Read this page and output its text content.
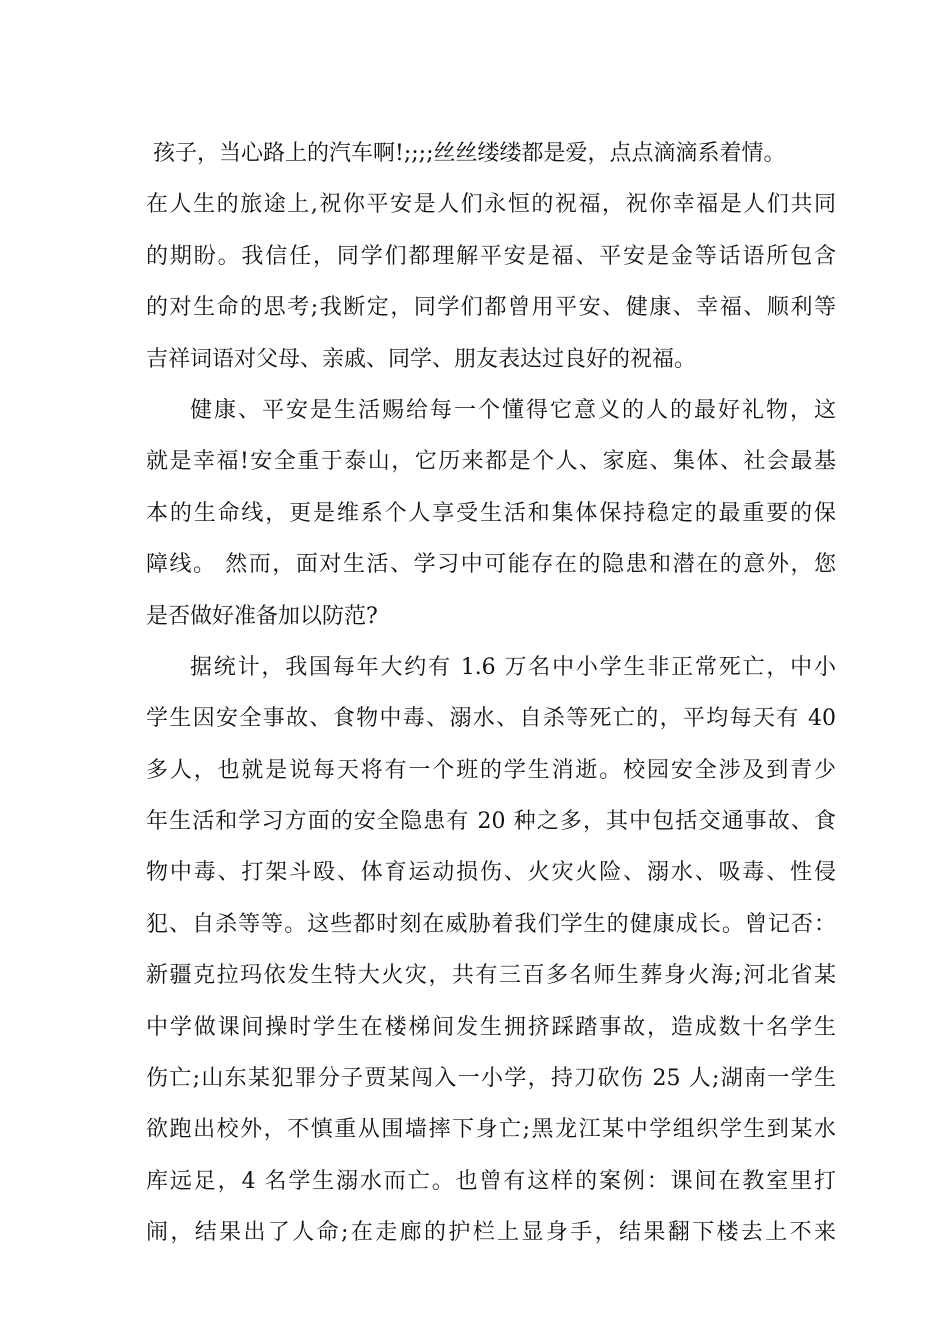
孩子，当心路上的汽车啊!;;;;丝丝缕缕都是爱，点点滴滴系着情。
在人生的旅途上,祝你平安是人们永恒的祝福，祝你幸福是人们共同
的期盼。我信任，同学们都理解平安是福、平安是金等话语所包含
的对生命的思考;我断定，同学们都曾用平安、健康、幸福、顺利等
吉祥词语对父母、亲戚、同学、朋友表达过良好的祝福。
健康、平安是生活赐给每一个懂得它意义的人的最好礼物，这
就是幸福!安全重于泰山，它历来都是个人、家庭、集体、社会最基
本的生命线，更是维系个人享受生活和集体保持稳定的最重要的保
障线。 然而，面对生活、学习中可能存在的隐患和潜在的意外，您
是否做好准备加以防范?
据统计，我国每年大约有 1.6 万名中小学生非正常死亡，中小
学生因安全事故、食物中毒、溺水、自杀等死亡的，平均每天有 40
多人，也就是说每天将有一个班的学生消逝。校园安全涉及到青少
年生活和学习方面的安全隐患有 20 种之多，其中包括交通事故、食
物中毒、打架斗殴、体育运动损伤、火灾火险、溺水、吸毒、性侵
犯、自杀等等。这些都时刻在威胁着我们学生的健康成长。曾记否：
新疆克拉玛依发生特大火灾，共有三百多名师生葬身火海;河北省某
中学做课间操时学生在楼梯间发生拥挤踩踏事故，造成数十名学生
伤亡;山东某犯罪分子贾某闯入一小学，持刀砍伤 25 人;湖南一学生
欲跑出校外，不慎重从围墙摔下身亡;黑龙江某中学组织学生到某水
库远足，4 名学生溺水而亡。也曾有这样的案例：课间在教室里打
闹，结果出了人命;在走廊的护栏上显身手，结果翻下楼去上不来
